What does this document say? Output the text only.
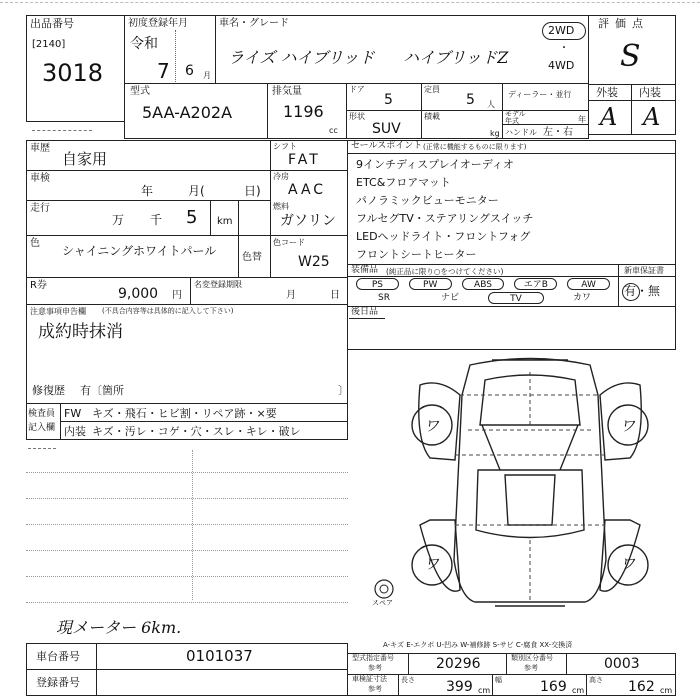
出品番号
[2140]
3018
初度登録年月
令和
7 6 月
車名・グレード
ライズ ハイブリッド ハイブリッドZ
2WD
・
4WD
評価点
S
外装 内装
A A
型式
5AA-A202A
排気量
1196
cc
ドア
5
定員
5 人
ディーラー・並行
形状
SUV
積載
kg
モデル年式	年
ハンドル 左・右
車歴
自家用
車検
年	月(	日)
走行
万 千 5 km
色
シャイニングホワイトパール	色替
シフト
FAT
冷房
AAC
燃料
ガソリン
色コード
W25
R券
9,000 円
名変登録期限
月	日
注意事項申告欄 (不具合内容等は具体的に記入して下さい)
成約時抹消
修復歴 有〔箇所	〕
セールスポイント (正常に機能するものに限ります)
9インチディスプレイオーディオ
ETC&フロアマット
パノラミックビューモニター
フルセグTV・ステアリングスイッチ
LEDヘッドライト・フロントフォグ
フロントシートヒーター
装備品 (純正品に限り○をつけてください)
PS	PW	ABS	エアB	AW
SR	ナビ	TV	カワ
新車保証書
有・無
後日品
検査員
記入欄
FW キズ・飛石・ヒビ割・リペア跡・×要
内装 キズ・汚レ・コゲ・穴・スレ・キレ・破レ
現メーター 6km.
ワ	ワ
ワ	ワ
スペア
A-キズ E-エクボ U-凹み W-補修跡 S-サビ C-腐食 XX-交換済
車台番号	0101037
登録番号
型式指定番号
参考	20296	類別区分番号
参考	0003
車検証寸法
参考
長さ 399 cm
幅	169 cm
高さ 162 cm
